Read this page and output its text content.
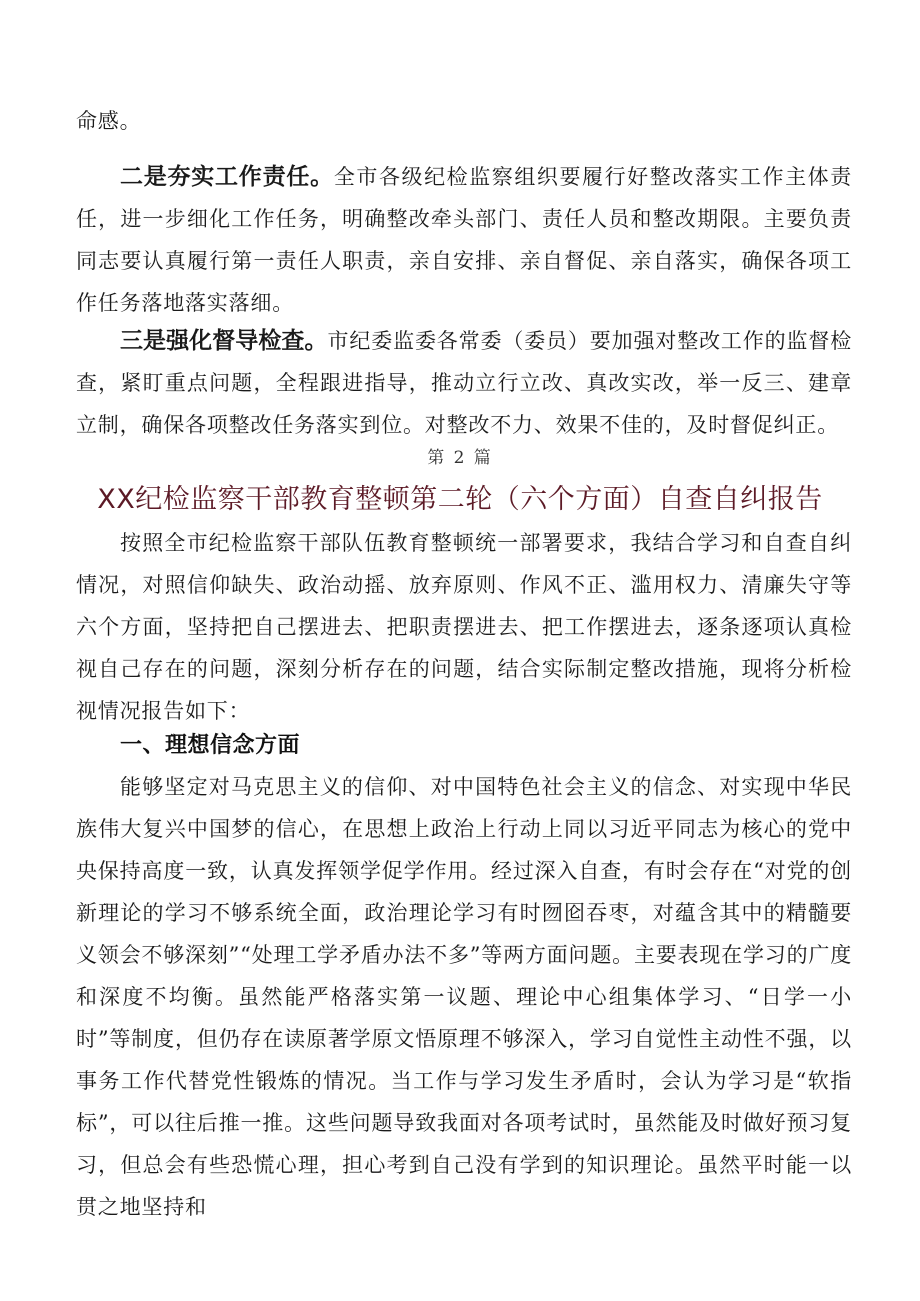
命感。

二是夯实工作责任。全市各级纪检监察组织要履行好整改落实工作主体责任，进一步细化工作任务，明确整改牵头部门、责任人员和整改期限。主要负责同志要认真履行第一责任人职责，亲自安排、亲自督促、亲自落实，确保各项工作任务落地落实落细。

三是强化督导检查。市纪委监委各常委（委员）要加强对整改工作的监督检查，紧盯重点问题，全程跟进指导，推动立行立改、真改实改，举一反三、建章立制，确保各项整改任务落实到位。对整改不力、效果不佳的，及时督促纠正。

第 2 篇
XX纪检监察干部教育整顿第二轮（六个方面）自查自纠报告

按照全市纪检监察干部队伍教育整顿统一部署要求，我结合学习和自查自纠情况，对照信仰缺失、政治动摇、放弃原则、作风不正、滥用权力、清廉失守等六个方面，坚持把自己摆进去、把职责摆进去、把工作摆进去，逐条逐项认真检视自己存在的问题，深刻分析存在的问题，结合实际制定整改措施，现将分析检视情况报告如下：

一、理想信念方面

能够坚定对马克思主义的信仰、对中国特色社会主义的信念、对实现中华民族伟大复兴中国梦的信心，在思想上政治上行动上同以习近平同志为核心的党中央保持高度一致，认真发挥领学促学作用。经过深入自查，有时会存在“对党的创新理论的学习不够系统全面，政治理论学习有时囫囵吞枣，对蕴含其中的精髓要义领会不够深刻”“处理工学矛盾办法不多”等两方面问题。主要表现在学习的广度和深度不均衡。虽然能严格落实第一议题、理论中心组集体学习、“日学一小时”等制度，但仍存在读原著学原文悟原理不够深入，学习自觉性主动性不强，以事务工作代替党性锻炼的情况。当工作与学习发生矛盾时，会认为学习是“软指标”，可以往后推一推。这些问题导致我面对各项考试时，虽然能及时做好预习复习，但总会有些恐慌心理，担心考到自己没有学到的知识理论。虽然平时能一以贯之地坚持和
